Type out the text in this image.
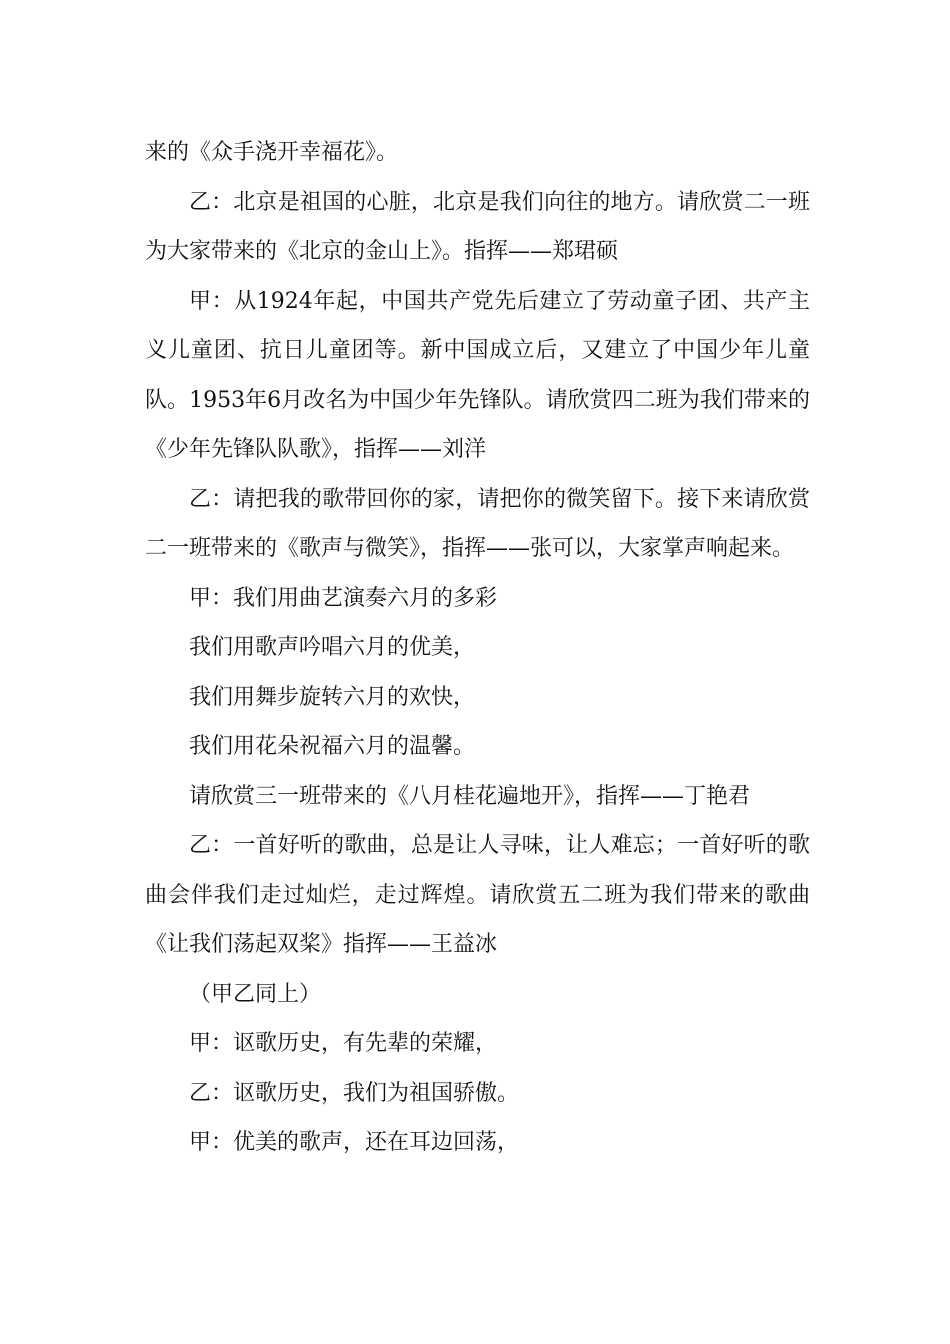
来的《众手浇开幸福花》。

乙：北京是祖国的心脏，北京是我们向往的地方。请欣赏二一班为大家带来的《北京的金山上》。指挥——郑珺硕

甲：从1924年起，中国共产党先后建立了劳动童子团、共产主义儿童团、抗日儿童团等。新中国成立后，又建立了中国少年儿童队。1953年6月改名为中国少年先锋队。请欣赏四二班为我们带来的《少年先锋队队歌》，指挥——刘洋

乙：请把我的歌带回你的家，请把你的微笑留下。接下来请欣赏二一班带来的《歌声与微笑》，指挥——张可以，大家掌声响起来。

甲：我们用曲艺演奏六月的多彩

我们用歌声吟唱六月的优美，

我们用舞步旋转六月的欢快，

我们用花朵祝福六月的温馨。

请欣赏三一班带来的《八月桂花遍地开》，指挥——丁艳君

乙：一首好听的歌曲，总是让人寻味，让人难忘；一首好听的歌曲会伴我们走过灿烂，走过辉煌。请欣赏五二班为我们带来的歌曲《让我们荡起双桨》指挥——王益冰

（甲乙同上）

甲：讴歌历史，有先辈的荣耀，

乙：讴歌历史，我们为祖国骄傲。

甲：优美的歌声，还在耳边回荡，
